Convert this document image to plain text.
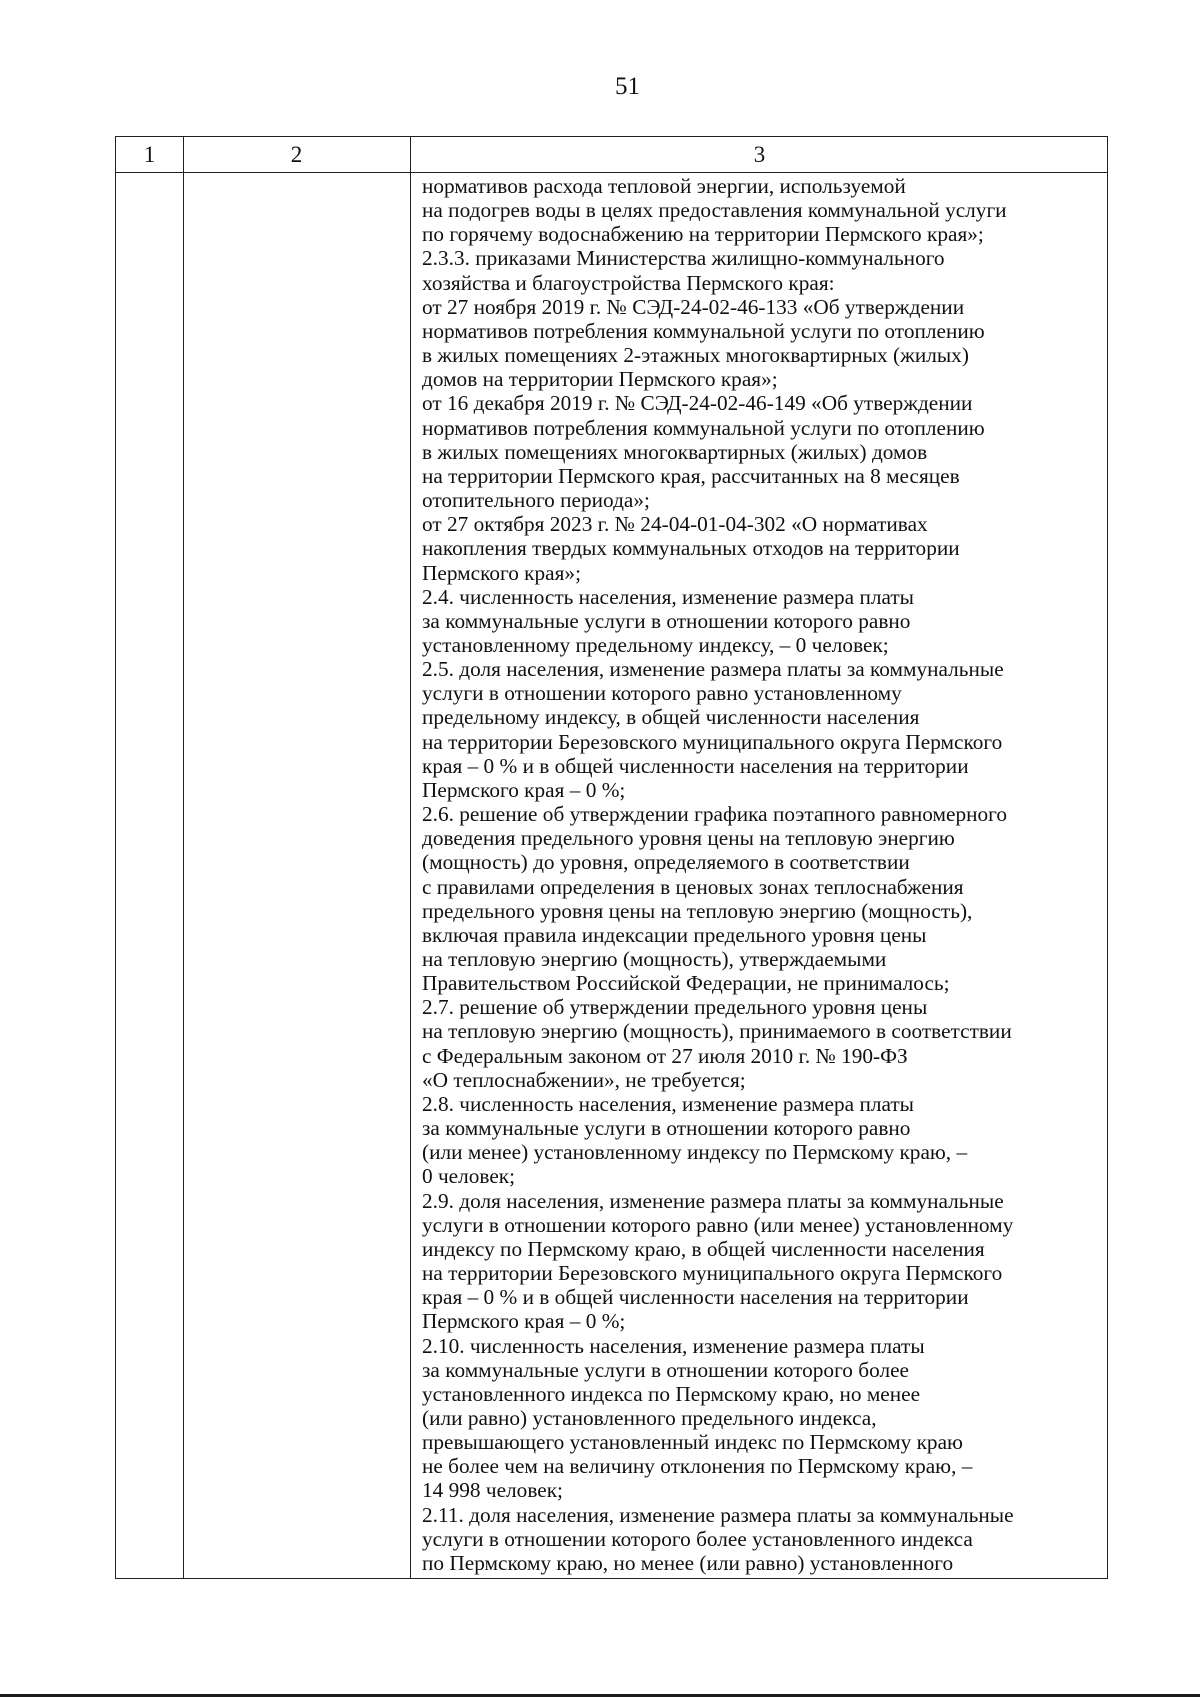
51
1	2	3
нормативов расхода тепловой энергии, используемой
на подогрев воды в целях предоставления коммунальной услуги
по горячему водоснабжению на территории Пермского края»;
2.3.3. приказами Министерства жилищно-коммунального
хозяйства и благоустройства Пермского края:
от 27 ноября 2019 г. № СЭД-24-02-46-133 «Об утверждении
нормативов потребления коммунальной услуги по отоплению
в жилых помещениях 2-этажных многоквартирных (жилых)
домов на территории Пермского края»;
от 16 декабря 2019 г. № СЭД-24-02-46-149 «Об утверждении
нормативов потребления коммунальной услуги по отоплению
в жилых помещениях многоквартирных (жилых) домов
на территории Пермского края, рассчитанных на 8 месяцев
отопительного периода»;
от 27 октября 2023 г. № 24-04-01-04-302 «О нормативах
накопления твердых коммунальных отходов на территории
Пермского края»;
2.4. численность населения, изменение размера платы
за коммунальные услуги в отношении которого равно
установленному предельному индексу, – 0 человек;
2.5. доля населения, изменение размера платы за коммунальные
услуги в отношении которого равно установленному
предельному индексу, в общей численности населения
на территории Березовского муниципального округа Пермского
края – 0 % и в общей численности населения на территории
Пермского края – 0 %;
2.6. решение об утверждении графика поэтапного равномерного
доведения предельного уровня цены на тепловую энергию
(мощность) до уровня, определяемого в соответствии
с правилами определения в ценовых зонах теплоснабжения
предельного уровня цены на тепловую энергию (мощность),
включая правила индексации предельного уровня цены
на тепловую энергию (мощность), утверждаемыми
Правительством Российской Федерации, не принималось;
2.7. решение об утверждении предельного уровня цены
на тепловую энергию (мощность), принимаемого в соответствии
с Федеральным законом от 27 июля 2010 г. № 190-ФЗ
«О теплоснабжении», не требуется;
2.8. численность населения, изменение размера платы
за коммунальные услуги в отношении которого равно
(или менее) установленному индексу по Пермскому краю, –
0 человек;
2.9. доля населения, изменение размера платы за коммунальные
услуги в отношении которого равно (или менее) установленному
индексу по Пермскому краю, в общей численности населения
на территории Березовского муниципального округа Пермского
края – 0 % и в общей численности населения на территории
Пермского края – 0 %;
2.10. численность населения, изменение размера платы
за коммунальные услуги в отношении которого более
установленного индекса по Пермскому краю, но менее
(или равно) установленного предельного индекса,
превышающего установленный индекс по Пермскому краю
не более чем на величину отклонения по Пермскому краю, –
14 998 человек;
2.11. доля населения, изменение размера платы за коммунальные
услуги в отношении которого более установленного индекса
по Пермскому краю, но менее (или равно) установленного
